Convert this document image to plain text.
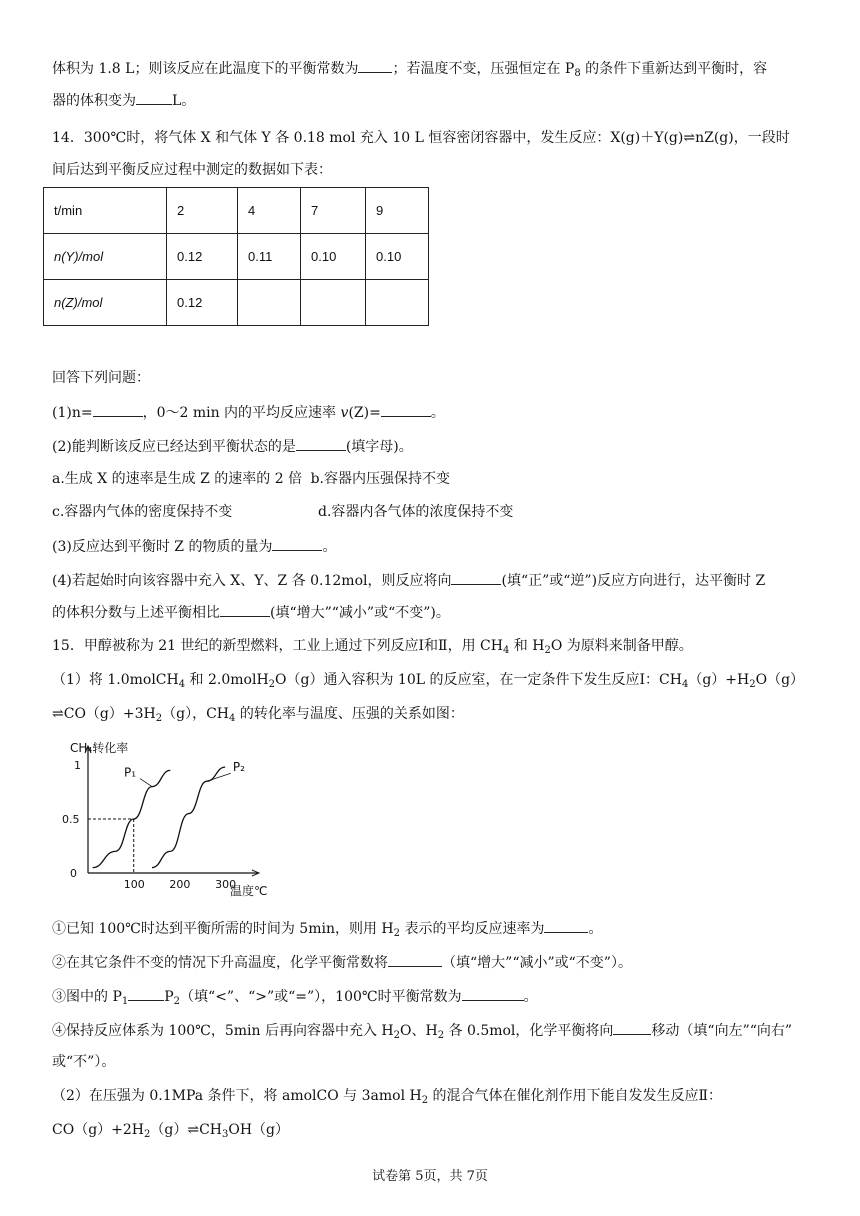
体积为 1.8 L；则该反应在此温度下的平衡常数为 ；若温度不变，压强恒定在 $P_8$ 的条件下重新达到平衡时，容
器的体积变为	L。
14．300℃时，将气体 X 和气体 Y 各 0.18 mol 充入 10 L 恒容密闭容器中，发生反应：X(g)＋Y(g)⇌nZ(g)，一段时
间后达到平衡反应过程中测定的数据如下表：
t/min	2	4	7	9
n(Y)/mol	0.12	0.11	0.10	0.10
n(Z)/mol	0.12			
回答下列问题：
(1)n=	，0～2 min 内的平均反应速率 v(Z)=	。
(2)能判断该反应已经达到平衡状态的是	(填字母)。
a.生成 X 的速率是生成 Z 的速率的 2 倍 b.容器内压强保持不变
c.容器内气体的密度保持不变	d.容器内各气体的浓度保持不变
(3)反应达到平衡时 Z 的物质的量为	。
(4)若起始时向该容器中充入 X、Y、Z 各 0.12mol，则反应将向	(填“正”或“逆”)反应方向进行，达平衡时 Z
的体积分数与上述平衡相比	(填“增大”“减小”或“不变”)。
15．甲醇被称为 21 世纪的新型燃料，工业上通过下列反应Ⅰ和Ⅱ，用 $CH_4$ 和 $H_2O$ 为原料来制备甲醇。
（1）将 1.0molCH$_4$ 和 2.0molH$_2$O（g）通入容积为 10L 的反应室，在一定条件下发生反应Ⅰ：$CH_4(g)+H_2O(g)$
$\rightleftharpoons CO(g)+3H_2(g)$，$CH_4$ 的转化率与温度、压强的关系如图：
CH₄转化率
温度℃
100 200 300
0
0.5
1
P₁	P₂
①已知 100℃时达到平衡所需的时间为 5min，则用 $H_2$ 表示的平均反应速率为	。
②在其它条件不变的情况下升高温度，化学平衡常数将	（填“增大”“减小”或“不变”）。
③图中的 $P_1$	$P_2$（填“<”、“>”或“=”），100℃时平衡常数为	。
④保持反应体系为 100℃，5min 后再向容器中充入 $H_2O$、$H_2$ 各 0.5mol，化学平衡将向	移动（填“向左”“向右”
或“不”）。
（2）在压强为 0.1MPa 条件下，将 amolCO 与 3amol $H_2$ 的混合气体在催化剂作用下能自发发生反应Ⅱ：
$CO(g)+2H_2(g)\rightleftharpoons CH_3OH(g)$
试卷第 5页，共 7页
